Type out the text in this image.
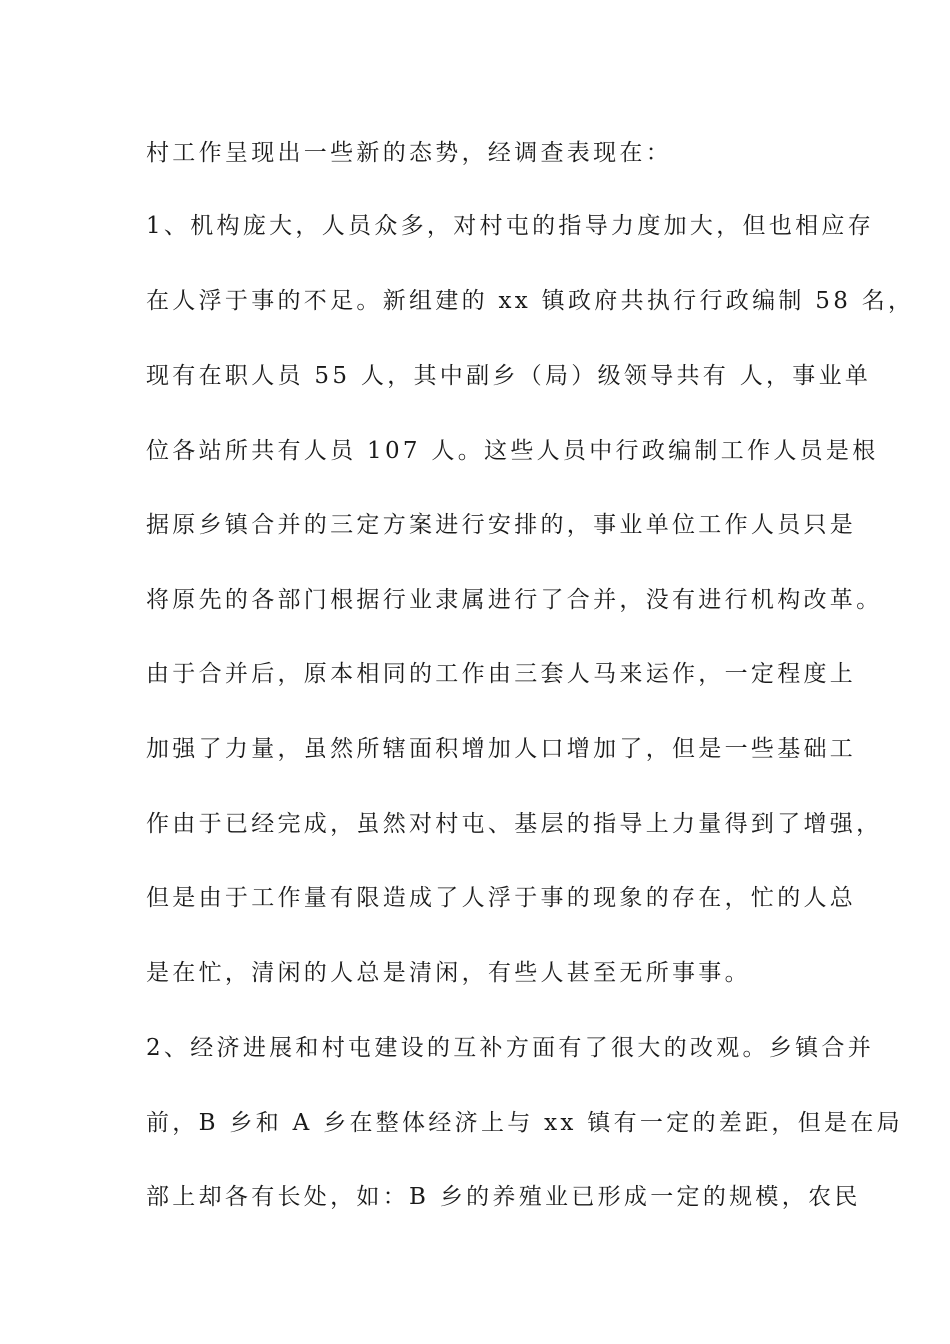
村工作呈现出一些新的态势，经调查表现在：
1、机构庞大，人员众多，对村屯的指导力度加大，但也相应存
在人浮于事的不足。新组建的 xx 镇政府共执行行政编制 58 名，
现有在职人员 55 人，其中副乡（局）级领导共有 人，事业单
位各站所共有人员 107 人。这些人员中行政编制工作人员是根
据原乡镇合并的三定方案进行安排的，事业单位工作人员只是
将原先的各部门根据行业隶属进行了合并，没有进行机构改革。
由于合并后，原本相同的工作由三套人马来运作，一定程度上
加强了力量，虽然所辖面积增加人口增加了，但是一些基础工
作由于已经完成，虽然对村屯、基层的指导上力量得到了增强，
但是由于工作量有限造成了人浮于事的现象的存在，忙的人总
是在忙，清闲的人总是清闲，有些人甚至无所事事。
2、经济进展和村屯建设的互补方面有了很大的改观。乡镇合并
前，B 乡和 A 乡在整体经济上与 xx 镇有一定的差距，但是在局
部上却各有长处，如：B 乡的养殖业已形成一定的规模，农民
